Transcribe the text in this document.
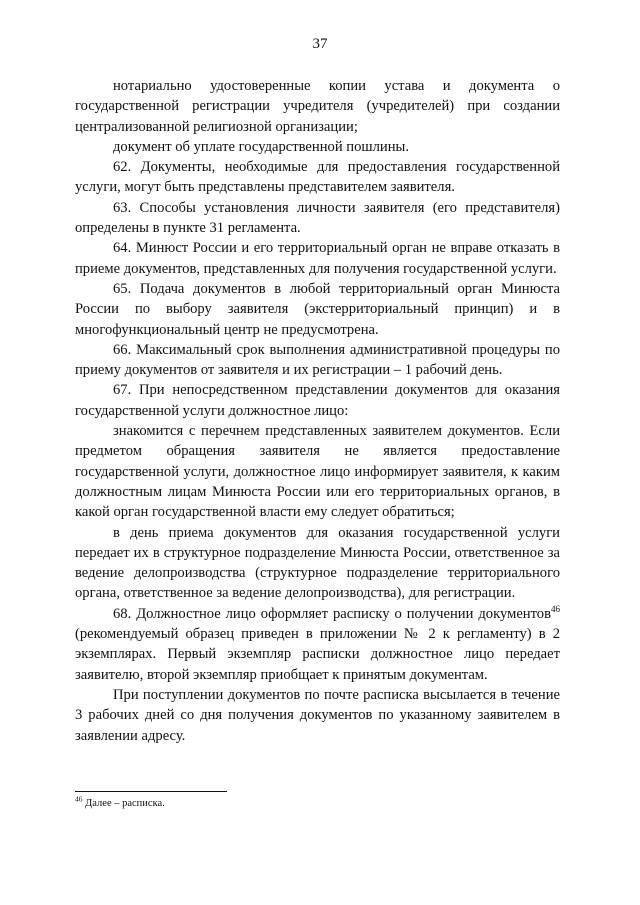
37

нотариально удостоверенные копии устава и документа о государственной регистрации учредителя (учредителей) при создании централизованной религиозной организации;

документ об уплате государственной пошлины.

62. Документы, необходимые для предоставления государственной услуги, могут быть представлены представителем заявителя.

63. Способы установления личности заявителя (его представителя) определены в пункте 31 регламента.

64. Минюст России и его территориальный орган не вправе отказать в приеме документов, представленных для получения государственной услуги.

65. Подача документов в любой территориальный орган Минюста России по выбору заявителя (экстерриториальный принцип) и в многофункциональный центр не предусмотрена.

66. Максимальный срок выполнения административной процедуры по приему документов от заявителя и их регистрации – 1 рабочий день.

67. При непосредственном представлении документов для оказания государственной услуги должностное лицо:

знакомится с перечнем представленных заявителем документов. Если предметом обращения заявителя не является предоставление государственной услуги, должностное лицо информирует заявителя, к каким должностным лицам Минюста России или его территориальных органов, в какой орган государственной власти ему следует обратиться;

в день приема документов для оказания государственной услуги передает их в структурное подразделение Минюста России, ответственное за ведение делопроизводства (структурное подразделение территориального органа, ответственное за ведение делопроизводства), для регистрации.

68. Должностное лицо оформляет расписку о получении документов$^{46}$ (рекомендуемый образец приведен в приложении № 2 к регламенту) в 2 экземплярах. Первый экземпляр расписки должностное лицо передает заявителю, второй экземпляр приобщает к принятым документам.

При поступлении документов по почте расписка высылается в течение 3 рабочих дней со дня получения документов по указанному заявителем в заявлении адресу.

$^{46}$ Далее – расписка.
